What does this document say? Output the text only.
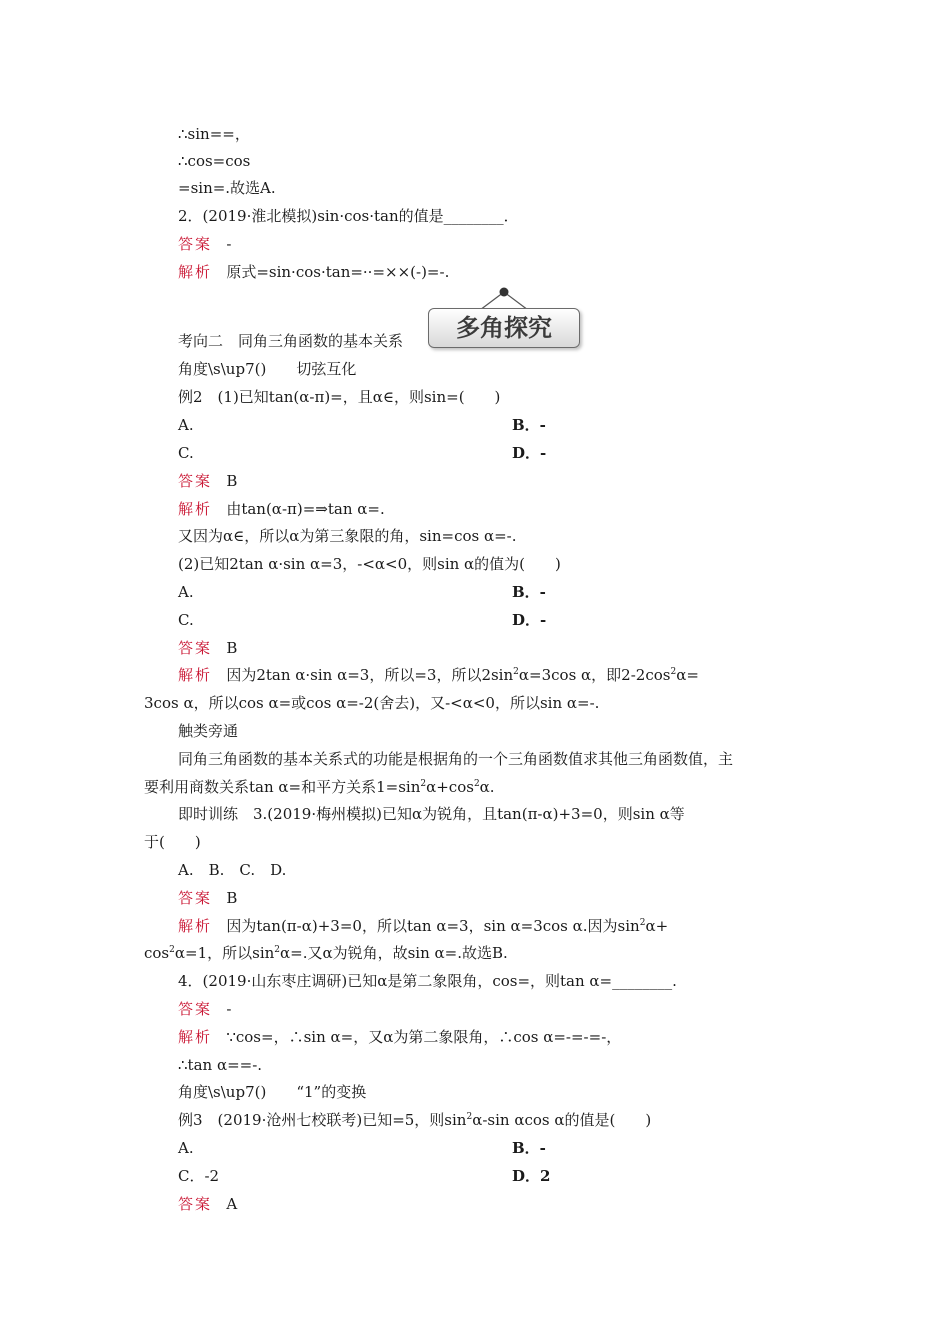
多角探究
∴sin==，
∴cos=cos
=sin=.故选A.
2．(2019·淮北模拟)sin·cos·tan的值是________．
答案 -
解析 原式=sin·cos·tan=··=××(-)=-.
考向二　同角三角函数的基本关系
角度\s\up7()　　切弦互化
例2　(1)已知tan(α-π)=，且α∈，则sin=(　　)
A.	B．-
C.	D．-
答案 B
解析 由tan(α-π)=⇒tan α=.
又因为α∈，所以α为第三象限的角，sin=cos α=-.
(2)已知2tan α·sin α=3，-<α<0，则sin α的值为(　　)
A.	B．-
C.	D．-
答案 B
解析 因为2tan α·sin α=3，所以=3，所以$2\sin^2\alpha=3\cos$ α，即$2-2\cos^2\alpha=$
3cos α，所以cos α=或cos α=-2(舍去)，又-<α<0，所以sin α=-.
触类旁通
同角三角函数的基本关系式的功能是根据角的一个三角函数值求其他三角函数值，主
要利用商数关系tan α=和平方关系$1=\sin^2\alpha+\cos^2\alpha$.
即时训练　3.(2019·梅州模拟)已知α为锐角，且tan(π-α)+3=0，则sin α等
于(　　)
A.　B.　C.　D.
答案 B
解析 因为tan(π-α)+3=0，所以tan α=3，sin α=3cos α.因为$\sin^2\alpha+$
$\cos^2\alpha=1$，所以$\sin^2\alpha=$.又α为锐角，故sin α=.故选B.
4．(2019·山东枣庄调研)已知α是第二象限角，cos=，则tan α=________.
答案 -
解析 ∵cos=，∴sin α=，又α为第二象限角，∴cos α=-=-=-，
∴tan α==-.
角度\s\up7()　　“1”的变换
例3　(2019·沧州七校联考)已知=5，则$\sin^2\alpha-\sin$ αcos α的值是(　　)
A.	B．-
C．-2	D．2
答案 A
